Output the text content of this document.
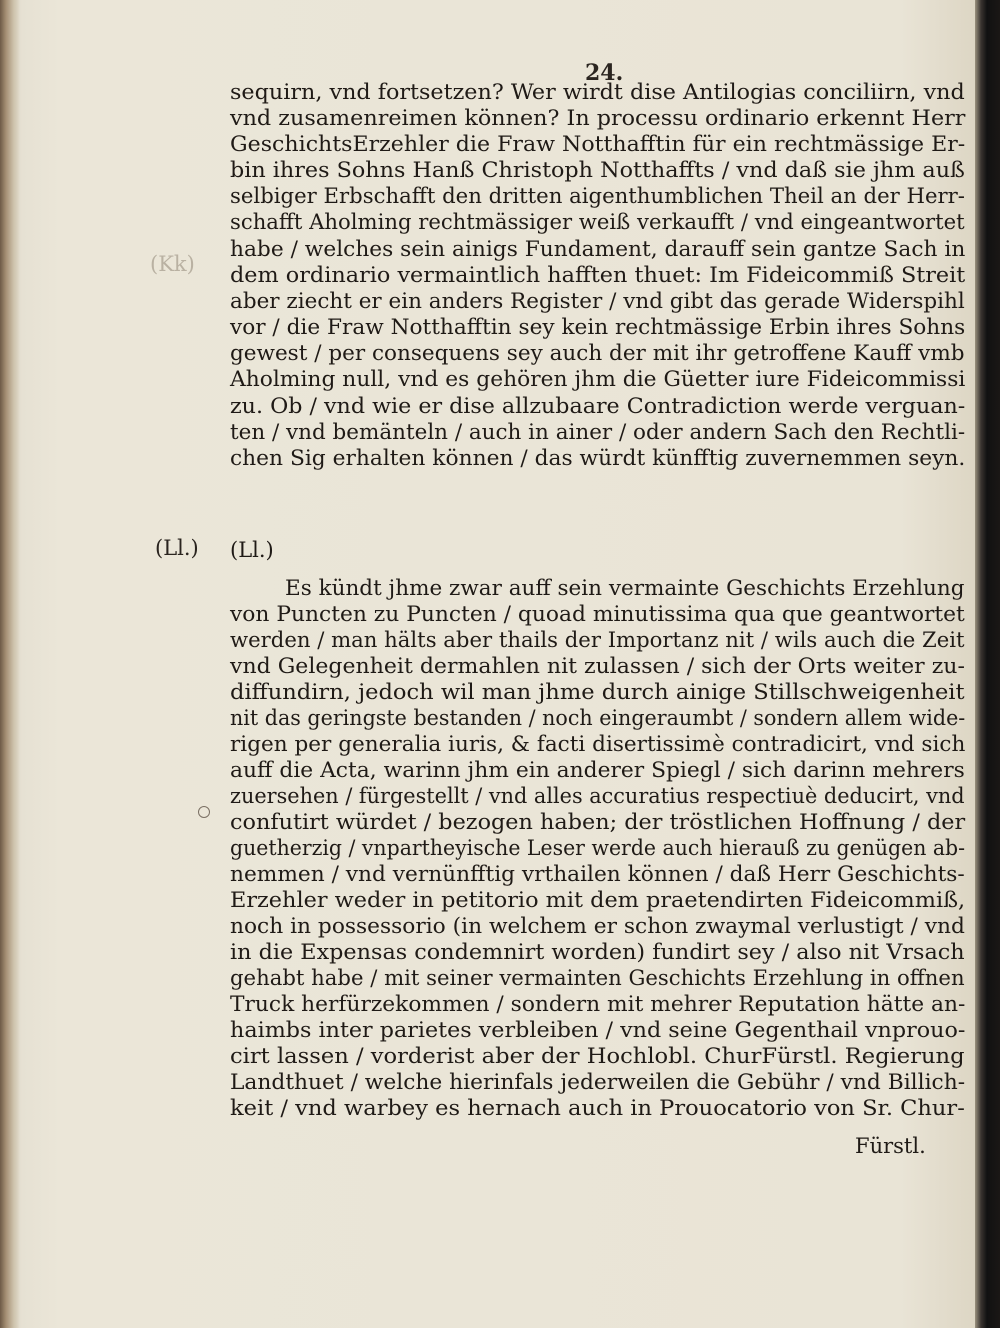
24.
(Kk)
(Ll.)
sequirn, vnd fortsetzen? Wer wirdt dise Antilogias conciliirn, vnd
vnd zusamenreimen können? In processu ordinario erkennt Herr
GeschichtsErzehler die Fraw Notthafftin für ein rechtmässige Er-
bin ihres Sohns Hanß Christoph Notthaffts / vnd daß sie jhm auß
selbiger Erbschafft den dritten aigenthumblichen Theil an der Herr-
schafft Aholming rechtmässiger weiß verkaufft / vnd eingeantwortet
habe / welches sein ainigs Fundament, darauff sein gantze Sach in
dem ordinario vermaintlich hafften thuet: Im Fideicommiß Streit
aber ziecht er ein anders Register / vnd gibt das gerade Widerspihl
vor / die Fraw Notthafftin sey kein rechtmässige Erbin ihres Sohns
gewest / per consequens sey auch der mit ihr getroffene Kauff vmb
Aholming null, vnd es gehören jhm die Güetter iure Fideicommissi
zu. Ob / vnd wie er dise allzubaare Contradiction werde verguan-
ten / vnd bemänteln / auch in ainer / oder andern Sach den Rechtli-
chen Sig erhalten können / das würdt künfftig zuvernemmen seyn.
(Ll.)
Es kündt jhme zwar auff sein vermainte Geschichts Erzehlung
von Puncten zu Puncten / quoad minutissima qua que geantwortet
werden / man hälts aber thails der Importanz nit / wils auch die Zeit
vnd Gelegenheit dermahlen nit zulassen / sich der Orts weiter zu-
diffundirn, jedoch wil man jhme durch ainige Stillschweigenheit
nit das geringste bestanden / noch eingeraumbt / sondern allem wide-
rigen per generalia iuris, & facti disertissimè contradicirt, vnd sich
auff die Acta, warinn jhm ein anderer Spiegl / sich darinn mehrers
zuersehen / fürgestellt / vnd alles accuratius respectiuè deducirt, vnd
confutirt würdet / bezogen haben; der tröstlichen Hoffnung / der
guetherzig / vnpartheyische Leser werde auch hierauß zu genügen ab-
nemmen / vnd vernünfftig vrthailen können / daß Herr Geschichts-
Erzehler weder in petitorio mit dem praetendirten Fideicommiß,
noch in possessorio (in welchem er schon zwaymal verlustigt / vnd
in die Expensas condemnirt worden) fundirt sey / also nit Vrsach
gehabt habe / mit seiner vermainten Geschichts Erzehlung in offnen
Truck herfürzekommen / sondern mit mehrer Reputation hätte an-
haimbs inter parietes verbleiben / vnd seine Gegenthail vnprouo-
cirt lassen / vorderist aber der Hochlobl. ChurFürstl. Regierung
Landthuet / welche hierinfals jederweilen die Gebühr / vnd Billich-
keit / vnd warbey es hernach auch in Prouocatorio von Sr. Chur-
Fürstl.
